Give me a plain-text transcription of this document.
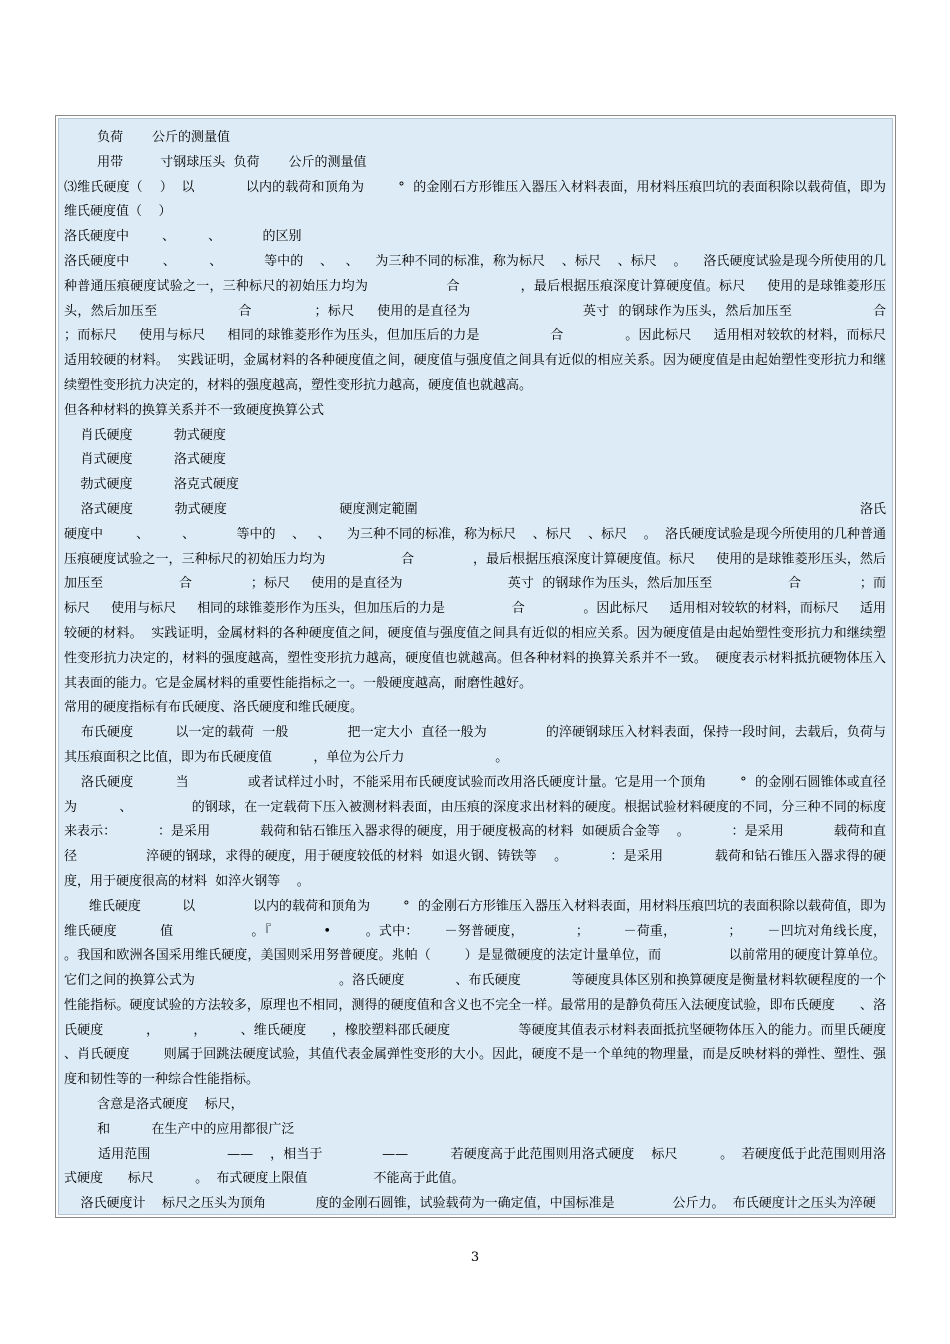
负荷       公斤的测量值

用带         寸钢球压头  负荷       公斤的测量值

⑶维氏硬度（    ）  以            以内的载荷和顶角为        °  的金刚石方形锥压入器压入材料表面，用材料压痕凹坑的表面积除以载荷值，即为维氏硬度值（    ）

洛氏硬度中        、        、          的区别

洛氏硬度中        、        、          等中的    、   、    为三种不同的标准，称为标尺    、标尺    、标尺    。    洛氏硬度试验是现今所使用的几种普通压痕硬度试验之一，三种标尺的初始压力均为                  合              ，最后根据压痕深度计算硬度值。标尺     使用的是球锥菱形压头，然后加压至                  合              ；标尺     使用的是直径为                         英寸  的钢球作为压头，然后加压至                  合              ；而标尺     使用与标尺     相同的球锥菱形作为压头，但加压后的力是                合              。因此标尺     适用相对较软的材料，而标尺     适用较硬的材料。  实践证明，金属材料的各种硬度值之间，硬度值与强度值之间具有近似的相应关系。因为硬度值是由起始塑性变形抗力和继续塑性变形抗力决定的，材料的强度越高，塑性变形抗力越高，硬度值也就越高。

但各种材料的换算关系并不一致硬度换算公式

肖氏硬度          勃式硬度

肖式硬度          洛式硬度

勃式硬度          洛克式硬度

洛式硬度          勃式硬度                           硬度测定範圍                                                                                                          洛氏硬度中        、        、          等中的    、   、    为三种不同的标准，称为标尺    、标尺    、标尺    。  洛氏硬度试验是现今所使用的几种普通压痕硬度试验之一，三种标尺的初始压力均为                  合              ，最后根据压痕深度计算硬度值。标尺     使用的是球锥菱形压头，然后加压至                  合              ；标尺     使用的是直径为                         英寸  的钢球作为压头，然后加压至                  合              ；而标尺     使用与标尺     相同的球锥菱形作为压头，但加压后的力是                合              。因此标尺     适用相对较软的材料，而标尺     适用较硬的材料。  实践证明，金属材料的各种硬度值之间，硬度值与强度值之间具有近似的相应关系。因为硬度值是由起始塑性变形抗力和继续塑性变形抗力决定的，材料的强度越高，塑性变形抗力越高，硬度值也就越高。但各种材料的换算关系并不一致。  硬度表示材料抵抗硬物体压入其表面的能力。它是金属材料的重要性能指标之一。一般硬度越高，耐磨性越好。

常用的硬度指标有布氏硬度、洛氏硬度和维氏硬度。

布氏硬度          以一定的载荷  一般              把一定大小  直径一般为              的淬硬钢球压入材料表面，保持一段时间，去载后，负荷与其压痕面积之比值，即为布氏硬度值          ，单位为公斤力                      。

洛氏硬度          当              或者试样过小时，不能采用布氏硬度试验而改用洛氏硬度计量。它是用一个顶角        °  的金刚石圆锥体或直径为          、              的钢球，在一定载荷下压入被测材料表面，由压痕的深度求出材料的硬度。根据试验材料硬度的不同，分三种不同的标度来表示：          ：是采用            载荷和钻石锥压入器求得的硬度，用于硬度极高的材料  如硬质合金等    。          ：是采用            载荷和直径                淬硬的钢球，求得的硬度，用于硬度较低的材料  如退火钢、铸铁等    。          ：是采用            载荷和钻石锥压入器求得的硬度，用于硬度很高的材料  如淬火钢等    。

维氏硬度          以              以内的载荷和顶角为        °  的金刚石方形锥压入器压入材料表面，用材料压痕凹坑的表面积除以载荷值，即为维氏硬度          值                  。『            •        。式中：      －努普硬度，            ；        －荷重，            ；      －凹坑对角线长度，        。我国和欧洲各国采用维氏硬度，美国则采用努普硬度。兆帕（        ）是显微硬度的法定计量单位，而                以前常用的硬度计算单位。它们之间的换算公式为                                  。洛氏硬度            、布氏硬度            等硬度具体区别和换算硬度是衡量材料软硬程度的一个性能指标。硬度试验的方法较多，原理也不相同，测得的硬度值和含义也不完全一样。最常用的是静负荷压入法硬度试验，即布氏硬度      、洛氏硬度          ，        ，        、维氏硬度      ，橡胶塑料邵氏硬度                等硬度其值表示材料表面抵抗坚硬物体压入的能力。而里氏硬度      、肖氏硬度        则属于回跳法硬度试验，其值代表金属弹性变形的大小。因此，硬度不是一个单纯的物理量，而是反映材料的弹性、塑性、强度和韧性等的一种综合性能指标。

含意是洛式硬度    标尺，

和          在生产中的应用都很广泛

适用范围                  ——    ，相当于              ——          若硬度高于此范围则用洛式硬度    标尺          。  若硬度低于此范围则用洛式硬度      标尺          。  布式硬度上限值                不能高于此值。

洛氏硬度计    标尺之压头为顶角            度的金刚石圆锥，试验载荷为一确定值，中国标准是              公斤力。  布氏硬度计之压头为淬硬

3
